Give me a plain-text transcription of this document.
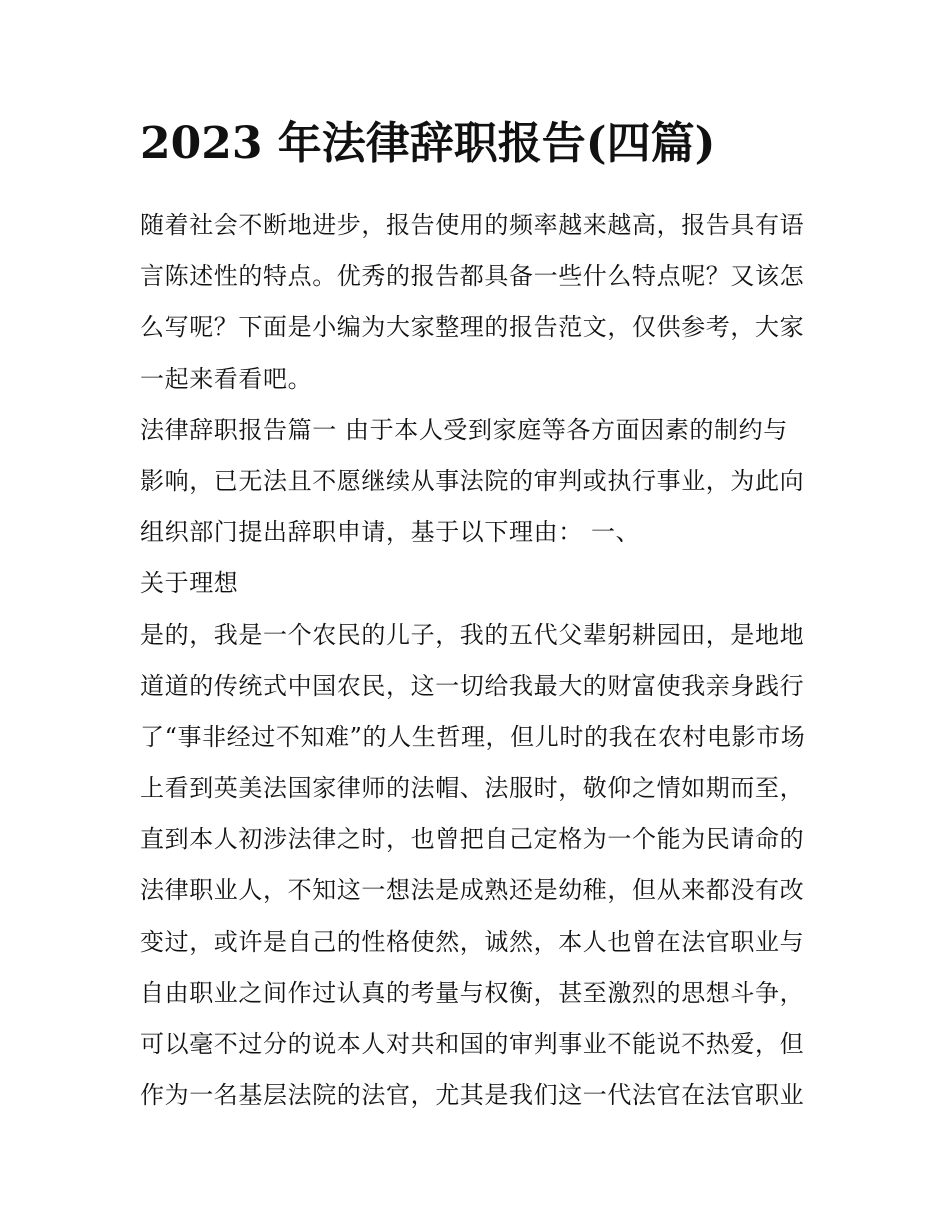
2023 年法律辞职报告(四篇)
随着社会不断地进步，报告使用的频率越来越高，报告具有语
言陈述性的特点。优秀的报告都具备一些什么特点呢？又该怎
么写呢？下面是小编为大家整理的报告范文，仅供参考，大家
一起来看看吧。
法律辞职报告篇一 由于本人受到家庭等各方面因素的制约与
影响，已无法且不愿继续从事法院的审判或执行事业，为此向
组织部门提出辞职申请，基于以下理由： 一、
关于理想
是的，我是一个农民的儿子，我的五代父辈躬耕园田，是地地
道道的传统式中国农民，这一切给我最大的财富使我亲身践行
了“事非经过不知难”的人生哲理，但儿时的我在农村电影市场
上看到英美法国家律师的法帽、法服时，敬仰之情如期而至，
直到本人初涉法律之时，也曾把自己定格为一个能为民请命的
法律职业人，不知这一想法是成熟还是幼稚，但从来都没有改
变过，或许是自己的性格使然，诚然，本人也曾在法官职业与
自由职业之间作过认真的考量与权衡，甚至激烈的思想斗争，
可以毫不过分的说本人对共和国的审判事业不能说不热爱，但
作为一名基层法院的法官，尤其是我们这一代法官在法官职业
